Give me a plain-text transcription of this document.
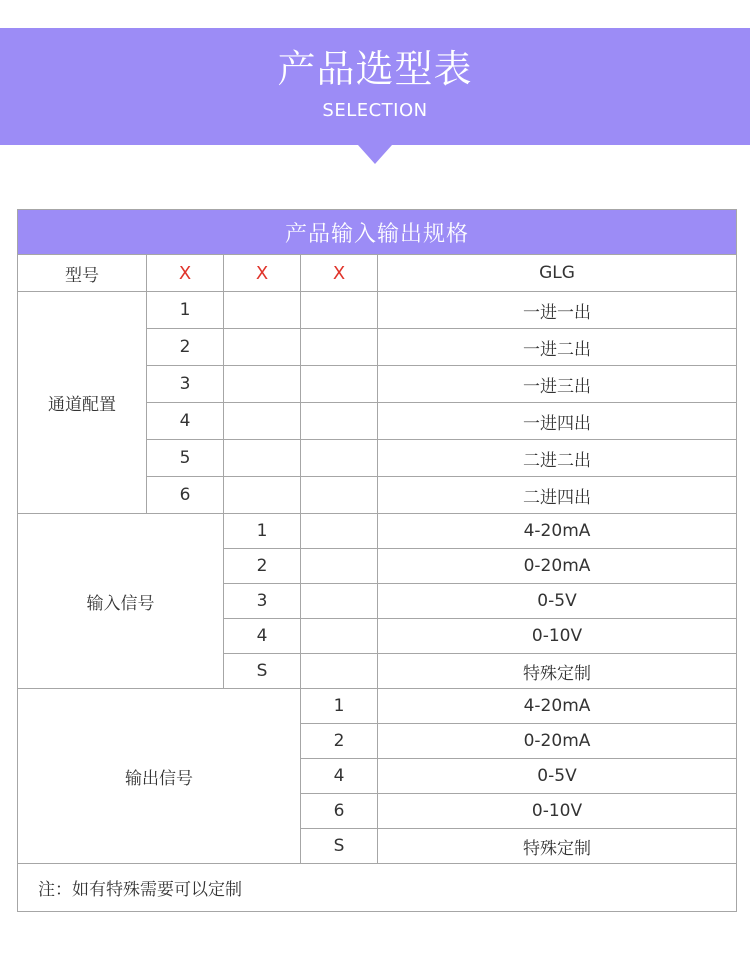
产品选型表
SELECTION
产品输入输出规格				
型号	X	X	X	GLG
通道配置	1			一进一出
	2			一进二出
	3			一进三出
	4			一进四出
	5			二进二出
	6			二进四出
输入信号		1		4-20mA
		2		0-20mA
		3		0-5V
		4		0-10V
		S		特殊定制
输出信号			1	4-20mA
			2	0-20mA
			4	0-5V
			6	0-10V
			S	特殊定制
注：如有特殊需要可以定制				
